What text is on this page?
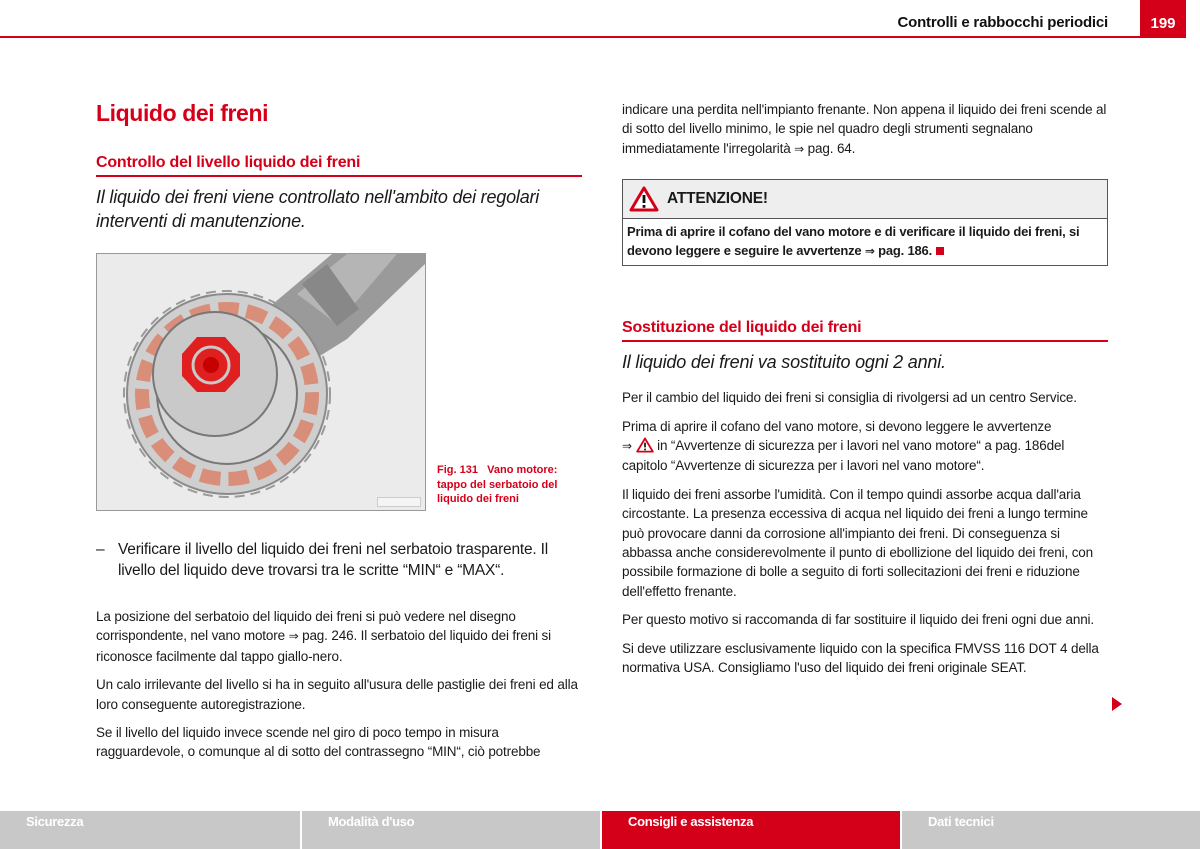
Controlli e rabbocchi periodici	199
Liquido dei freni
Controllo del livello liquido dei freni
Il liquido dei freni viene controllato nell'ambito dei regolari interventi di manutenzione.
Fig. 131 Vano motore: tappo del serbatoio del liquido dei freni
– Verificare il livello del liquido dei freni nel serbatoio trasparente. Il livello del liquido deve trovarsi tra le scritte “MIN“ e “MAX“.

La posizione del serbatoio del liquido dei freni si può vedere nel disegno corrispondente, nel vano motore ⇒ pag. 246. Il serbatoio del liquido dei freni si riconosce facilmente dal tappo giallo-nero.

Un calo irrilevante del livello si ha in seguito all'usura delle pastiglie dei freni ed alla loro conseguente autoregistrazione.

Se il livello del liquido invece scende nel giro di poco tempo in misura ragguardevole, o comunque al di sotto del contrassegno “MIN“, ciò potrebbe

indicare una perdita nell'impianto frenante. Non appena il liquido dei freni scende al di sotto del livello minimo, le spie nel quadro degli strumenti segnalano immediatamente l'irregolarità ⇒ pag. 64.

ATTENZIONE!
Prima di aprire il cofano del vano motore e di verificare il liquido dei freni, si devono leggere e seguire le avvertenze ⇒ pag. 186.
Sostituzione del liquido dei freni
Il liquido dei freni va sostituito ogni 2 anni.

Per il cambio del liquido dei freni si consiglia di rivolgersi ad un centro Service.

Prima di aprire il cofano del vano motore, si devono leggere le avvertenze
⇒  in “Avvertenze di sicurezza per i lavori nel vano motore“ a pag. 186del capitolo “Avvertenze di sicurezza per i lavori nel vano motore“.

Il liquido dei freni assorbe l'umidità. Con il tempo quindi assorbe acqua dall'aria circostante. La presenza eccessiva di acqua nel liquido dei freni a lungo termine può provocare danni da corrosione all'impianto dei freni. Di conseguenza si abbassa anche considerevolmente il punto di ebollizione del liquido dei freni, con possibile formazione di bolle a seguito di forti sollecitazioni dei freni e riduzione dell'effetto frenante.

Per questo motivo si raccomanda di far sostituire il liquido dei freni ogni due anni.

Si deve utilizzare esclusivamente liquido con la specifica FMVSS 116 DOT 4 della normativa USA. Consigliamo l'uso del liquido dei freni originale SEAT.

Sicurezza	Modalità d'uso	Consigli e assistenza	Dati tecnici
